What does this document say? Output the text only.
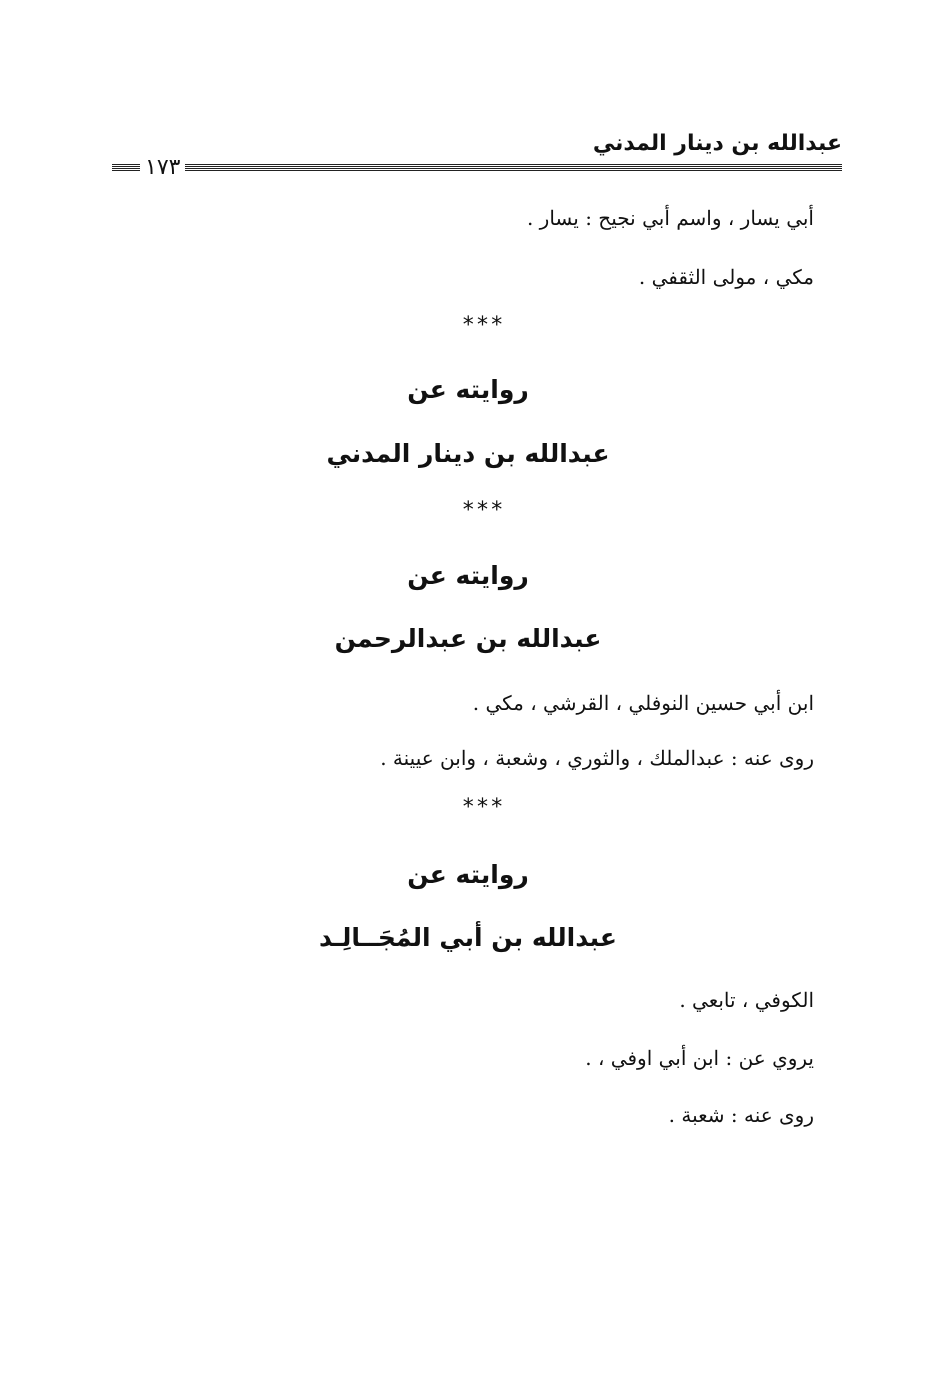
عبدالله بن دينار المدني
١٧٣

أبي يسار ، واسم أبي نجيح : يسار .

مكي ، مولى الثقفي .

***
روايته عن
عبدالله بن دينار المدني
***
روايته عن
عبدالله بن عبدالرحمن

ابن أبي حسين النوفلي ، القرشي ، مكي .

روى عنه : عبدالملك ، والثوري ، وشعبة ، وابن عيينة .

***
روايته عن
عبدالله بن أبي المُجَــالِـد

الكوفي ، تابعي .

يروي عن : ابن أبي اوفي ، .

روى عنه : شعبة .
